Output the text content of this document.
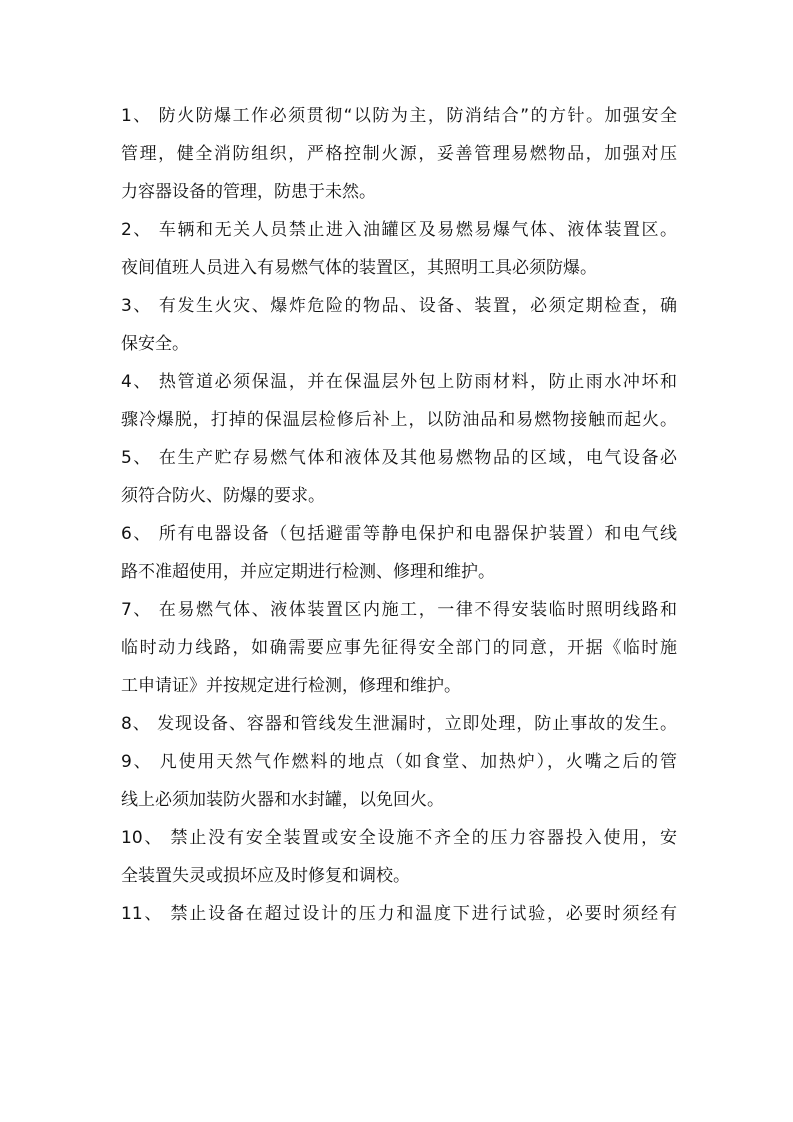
1、 防火防爆工作必须贯彻“以防为主，防消结合”的方针。加强安全
管理，健全消防组织，严格控制火源，妥善管理易燃物品，加强对压
力容器设备的管理，防患于未然。
2、 车辆和无关人员禁止进入油罐区及易燃易爆气体、液体装置区。
夜间值班人员进入有易燃气体的装置区，其照明工具必须防爆。
3、 有发生火灾、爆炸危险的物品、设备、装置，必须定期检查，确
保安全。
4、 热管道必须保温，并在保温层外包上防雨材料，防止雨水冲坏和
骤冷爆脱，打掉的保温层检修后补上，以防油品和易燃物接触而起火。
5、 在生产贮存易燃气体和液体及其他易燃物品的区域，电气设备必
须符合防火、防爆的要求。
6、 所有电器设备（包括避雷等静电保护和电器保护装置）和电气线
路不准超使用，并应定期进行检测、修理和维护。
7、 在易燃气体、液体装置区内施工，一律不得安装临时照明线路和
临时动力线路，如确需要应事先征得安全部门的同意，开据《临时施
工申请证》并按规定进行检测，修理和维护。
8、 发现设备、容器和管线发生泄漏时，立即处理，防止事故的发生。
9、 凡使用天然气作燃料的地点（如食堂、加热炉），火嘴之后的管
线上必须加装防火器和水封罐，以免回火。
10、 禁止没有安全装置或安全设施不齐全的压力容器投入使用，安
全装置失灵或损坏应及时修复和调校。
11、 禁止设备在超过设计的压力和温度下进行试验，必要时须经有
